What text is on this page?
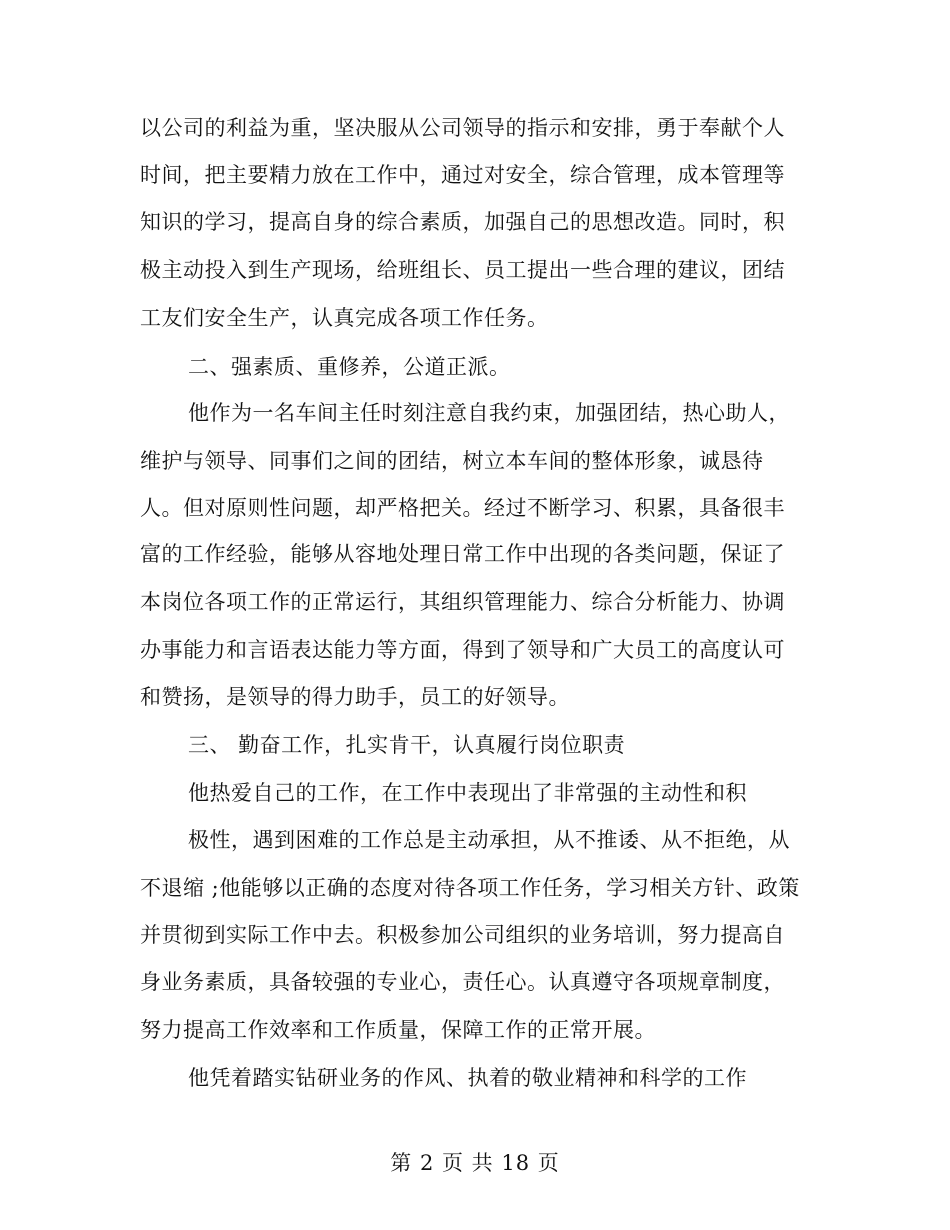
以公司的利益为重，坚决服从公司领导的指示和安排，勇于奉献个人
时间，把主要精力放在工作中，通过对安全，综合管理，成本管理等
知识的学习，提高自身的综合素质，加强自己的思想改造。同时，积
极主动投入到生产现场，给班组长、员工提出一些合理的建议，团结
工友们安全生产，认真完成各项工作任务。
二、强素质、重修养，公道正派。
他作为一名车间主任时刻注意自我约束，加强团结，热心助人，
维护与领导、同事们之间的团结，树立本车间的整体形象，诚恳待
人。但对原则性问题，却严格把关。经过不断学习、积累，具备很丰
富的工作经验，能够从容地处理日常工作中出现的各类问题，保证了
本岗位各项工作的正常运行，其组织管理能力、综合分析能力、协调
办事能力和言语表达能力等方面，得到了领导和广大员工的高度认可
和赞扬，是领导的得力助手，员工的好领导。
三、 勤奋工作，扎实肯干，认真履行岗位职责
他热爱自己的工作，在工作中表现出了非常强的主动性和积
极性，遇到困难的工作总是主动承担，从不推诿、从不拒绝，从
不退缩 ;他能够以正确的态度对待各项工作任务，学习相关方针、政策
并贯彻到实际工作中去。积极参加公司组织的业务培训，努力提高自
身业务素质，具备较强的专业心，责任心。认真遵守各项规章制度，
努力提高工作效率和工作质量，保障工作的正常开展。
他凭着踏实钻研业务的作风、执着的敬业精神和科学的工作
第 2 页 共 18 页
